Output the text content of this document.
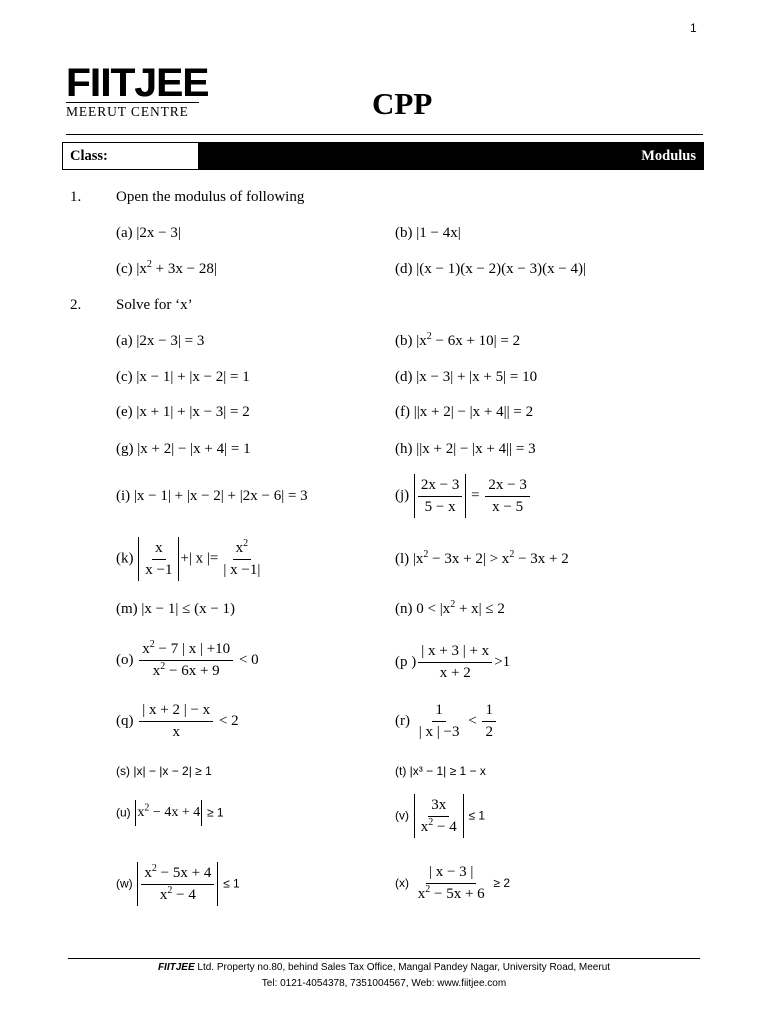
1
FIITJEE
MEERUT CENTRE	CPP
Class:	Modulus
1. Open the modulus of following
(a) |2x − 3|	(b) |1 − 4x|
(c) $|x^2 + 3x - 28|$	(d) |(x − 1)(x − 2)(x − 3)(x − 4)|
2. Solve for ‘x’
(a) |2x − 3| = 3	(b) $|x^2 - 6x + 10| = 2$
(c) |x − 1| + |x − 2| = 1	(d) |x − 3| + |x + 5| = 10
(e) |x + 1| + |x − 3| = 2	(f) ||x + 2| − |x + 4|| = 2
(g) |x + 2| − |x + 4| = 1	(h) ||x + 2| − |x + 4|| = 3
(i) |x − 1| + |x − 2| + |2x − 6| = 3	$(j) \frac{2x - 3}{5 - x} = \frac{2x - 3}{x - 5}$
$(k) \frac{x}{x -1}$ +| x |= $\frac{x^2}{| x -1|}$	(l) $|x^2 - 3x + 2| > x^2 - 3x + 2$
(m) |x − 1| ≤ (x − 1)	(n) $0 < |x^2 + x| \le 2$
$(o) \frac{x^2 - 7 | x | +10}{x^2 - 6x + 9} < 0$	(p ) $\frac{| x + 3 | + x}{x + 2} >1$
$(q) \frac{| x + 2 | - x}{x} < 2$	$(r) \frac{1}{| x | -3} < \frac{1}{2}$
(s) |x| − |x − 2| ≥ 1	(t) |x³ − 1| ≥ 1 − x
(u) $x^2 - 4x + 4 \ge 1$	$(v) \frac{3x}{x^2 - 4} \le 1$
$(w) \frac{x^2 - 5x + 4}{x^2 - 4} \le 1$	$(x) \frac{| x - 3 |}{x^2 - 5x + 6} \ge 2$
FIITJEE Ltd. Property no.80, behind Sales Tax Office, Mangal Pandey Nagar, University Road, Meerut
Tel: 0121-4054378, 7351004567, Web: www.fiitjee.com
